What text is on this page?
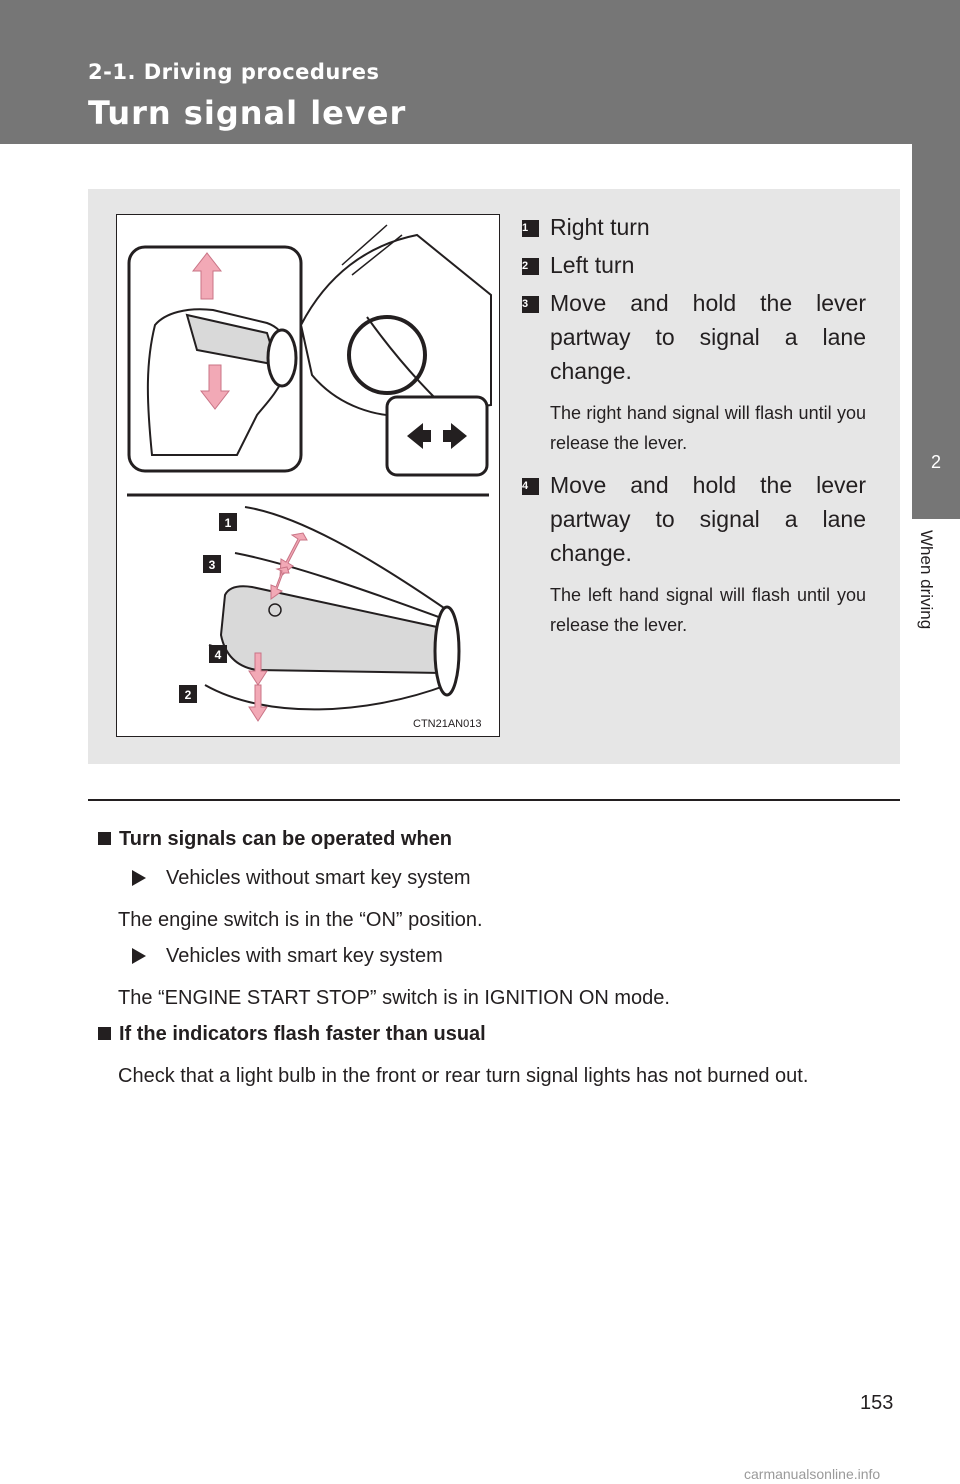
2-1. Driving procedures
Turn signal lever
2
When driving
1
3
4
2
CTN21AN013
1 Right turn
2 Left turn
3 Move and hold the lever partway to signal a lane change.
The right hand signal will flash until you release the lever.
4 Move and hold the lever partway to signal a lane change.
The left hand signal will flash until you release the lever.
Turn signals can be operated when
Vehicles without smart key system
The engine switch is in the “ON” position.
Vehicles with smart key system
The “ENGINE START STOP” switch is in IGNITION ON mode.
If the indicators flash faster than usual
Check that a light bulb in the front or rear turn signal lights has not burned out.
153
carmanualsonline.info
